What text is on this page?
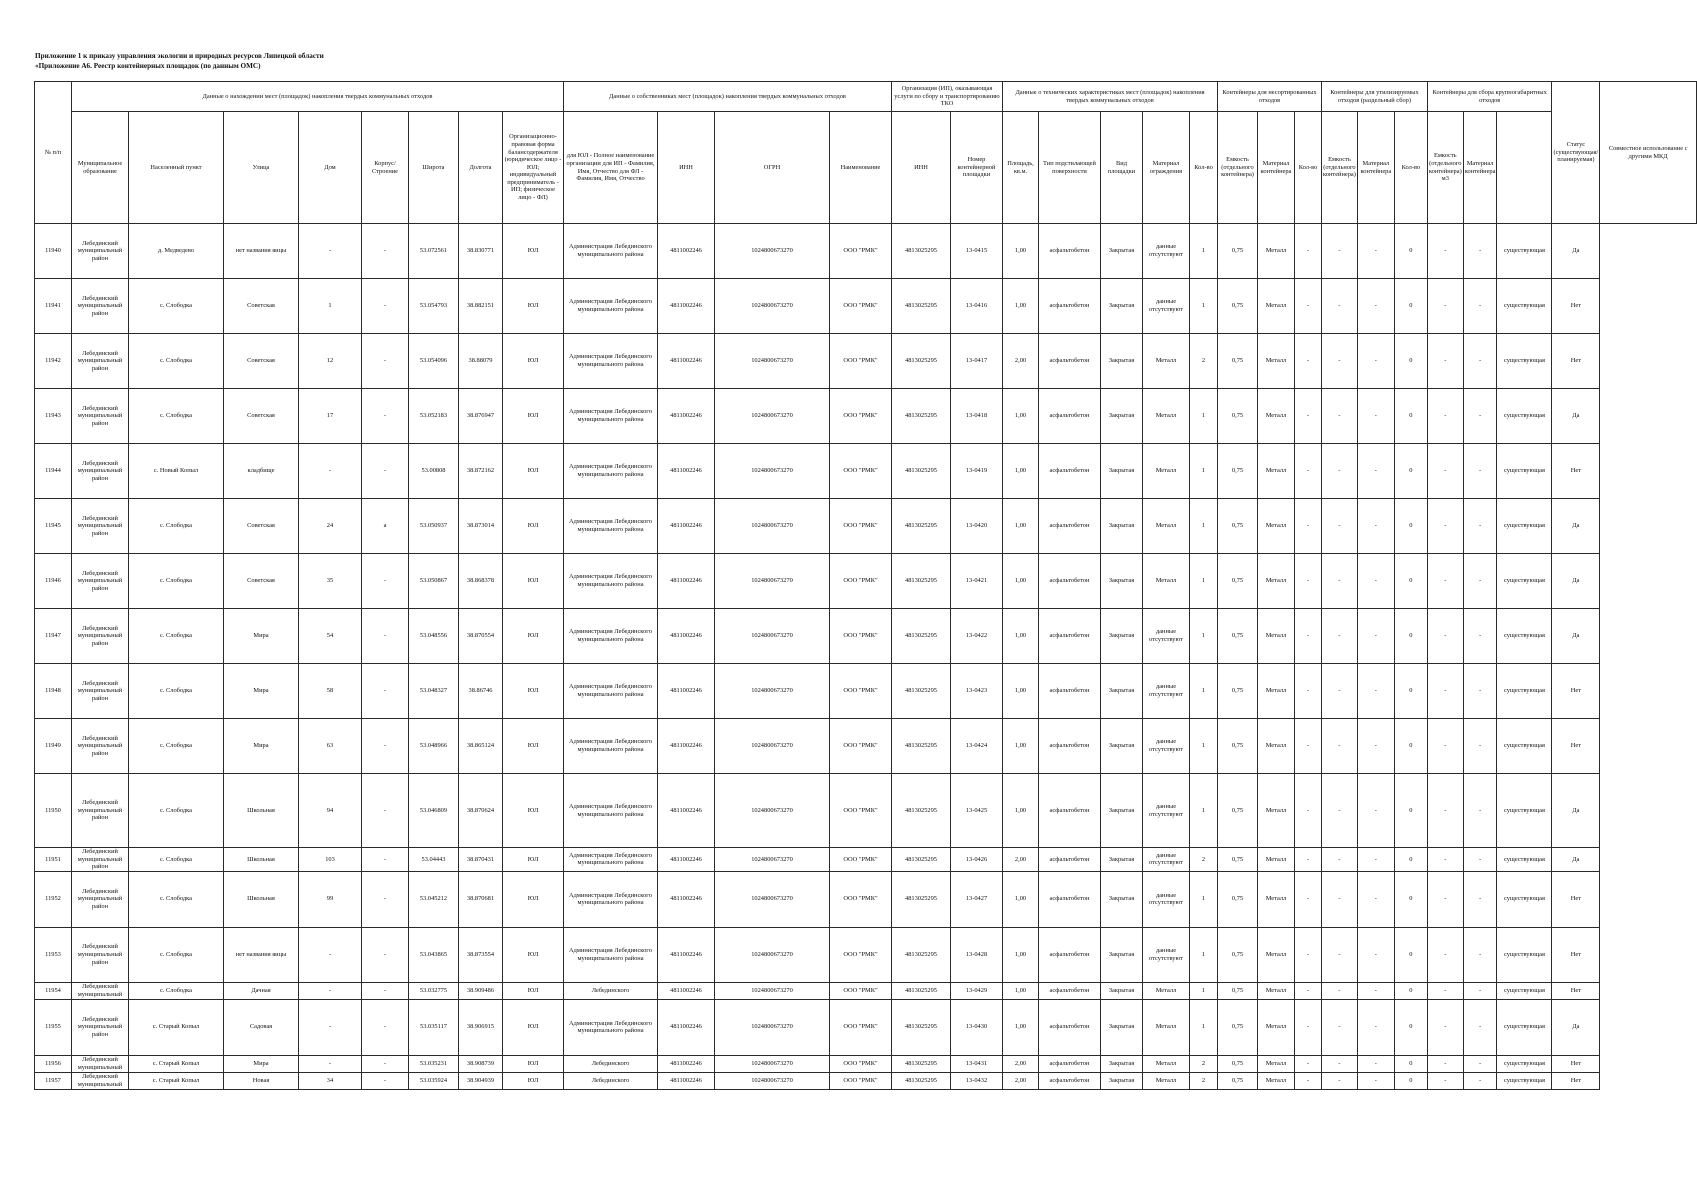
Приложение 1 к приказу управления экологии и природных ресурсов Липецкой области
«Приложение А6. Реестр контейнерных площадок (по данным ОМС)
№ п/п	Данные о нахождении мест (площадок) накопления твердых коммунальных отходов								Данные о собственниках мест (площадок) накопления твердых коммунальных отходов				Организация (ИП), оказывающая услуги по сбору и транспортированию ТКО		Данные о технических характеристиках мест (площадок) накопления твердых коммунальных отходов					Контейнеры для несортированных отходов			Контейнеры для утилизируемых отходов (раздельный сбор)			Контейнеры для сбора крупногабаритных отходов			Статус (существующая/ планируемая)	Совместное использование с другими МКД
	Муниципальное образование	Населенный пункт	Улица	Дом	Корпус/Строение	Широта	Долгота	Организационно-правовая форма балансодержателя (юридическое лицо - ЮЛ; индивидуальный предприниматель - ИП; физическое лицо - ФЛ)	для ЮЛ - Полное наименование организации для ИП - Фамилия, Имя, Отчество для ФЛ - Фамилия, Имя, Отчество	ИНН	ОГРН	Наименование	ИНН	Номер контейнерной площадки	Площадь, кв.м.	Тип подстилающей поверхности	Вид площадки	Материал ограждения	Кол-во	Емкость (отдельного контейнера)	Материал контейнера	Кол-во	Емкость (отдельного контейнера)	Материал контейнера	Кол-во	Емкость (отдельного контейнера) м3	Материал контейнера			
11940	Лебединский муниципальный район	д. Медведево	нет названия яицы	-	-	53.072561	38.830771	ЮЛ	Администрация Лебединского муниципального района	4811002246	1024800673270	ООО "РМК"	4813025295	13-0415	1,00	асфальтобетон	Закрытая	данные отсутствуют	1	0,75	Металл	-	-	-	0	-	-	существующая	Да	
11941	Лебединский муниципальный район	с. Слободка	Советская	1	-	53.054793	38.882151	ЮЛ	Администрация Лебединского муниципального района	4811002246	1024800673270	ООО "РМК"	4813025295	13-0416	1,00	асфальтобетон	Закрытая	данные отсутствуют	1	0,75	Металл	-	-	-	0	-	-	существующая	Нет	
11942	Лебединский муниципальный район	с. Слободка	Советская	12	-	53.054096	38.88079	ЮЛ	Администрация Лебединского муниципального района	4811002246	1024800673270	ООО "РМК"	4813025295	13-0417	2,00	асфальтобетон	Закрытая	Металл	2	0,75	Металл	-	-	-	0	-	-	существующая	Нет	
11943	Лебединский муниципальный район	с. Слободка	Советская	17	-	53.052183	38.876947	ЮЛ	Администрация Лебединского муниципального района	4811002246	1024800673270	ООО "РМК"	4813025295	13-0418	1,00	асфальтобетон	Закрытая	Металл	1	0,75	Металл	-	-	-	0	-	-	существующая	Да	
11944	Лебединский муниципальный район	с. Новый Копыл	кладбище	-	-	53.00808	38.872162	ЮЛ	Администрация Лебединского муниципального района	4811002246	1024800673270	ООО "РМК"	4813025295	13-0419	1,00	асфальтобетон	Закрытая	Металл	1	0,75	Металл	-	-	-	0	-	-	существующая	Нет	
11945	Лебединский муниципальный район	с. Слободка	Советская	24	а	53.050937	38.873014	ЮЛ	Администрация Лебединского муниципального района	4811002246	1024800673270	ООО "РМК"	4813025295	13-0420	1,00	асфальтобетон	Закрытая	Металл	1	0,75	Металл	-	-	-	0	-	-	существующая	Да	
11946	Лебединский муниципальный район	с. Слободка	Советская	35	-	53.050867	38.868378	ЮЛ	Администрация Лебединского муниципального района	4811002246	1024800673270	ООО "РМК"	4813025295	13-0421	1,00	асфальтобетон	Закрытая	Металл	1	0,75	Металл	-	-	-	0	-	-	существующая	Да	
11947	Лебединский муниципальный район	с. Слободка	Мира	54	-	53.048556	38.870554	ЮЛ	Администрация Лебединского муниципального района	4811002246	1024800673270	ООО "РМК"	4813025295	13-0422	1,00	асфальтобетон	Закрытая	данные отсутствуют	1	0,75	Металл	-	-	-	0	-	-	существующая	Да	
11948	Лебединский муниципальный район	с. Слободка	Мира	58	-	53.048327	38.86746	ЮЛ	Администрация Лебединского муниципального района	4811002246	1024800673270	ООО "РМК"	4813025295	13-0423	1,00	асфальтобетон	Закрытая	данные отсутствуют	1	0,75	Металл	-	-	-	0	-	-	существующая	Нет	
11949	Лебединский муниципальный район	с. Слободка	Мира	63	-	53.048966	38.865124	ЮЛ	Администрация Лебединского муниципального района	4811002246	1024800673270	ООО "РМК"	4813025295	13-0424	1,00	асфальтобетон	Закрытая	данные отсутствуют	1	0,75	Металл	-	-	-	0	-	-	существующая	Нет	
11950	Лебединский муниципальный район	с. Слободка	Школьная	94	-	53.046809	38.870624	ЮЛ	Администрация Лебединского муниципального района	4811002246	1024800673270	ООО "РМК"	4813025295	13-0425	1,00	асфальтобетон	Закрытая	данные отсутствуют	1	0,75	Металл	-	-	-	0	-	-	существующая	Да	
11951	Лебединский муниципальный район	с. Слободка	Школьная	103	-	53.04443	38.870431	ЮЛ	Администрация Лебединского муниципального района	4811002246	1024800673270	ООО "РМК"	4813025295	13-0426	2,00	асфальтобетон	Закрытая	данные отсутствуют	2	0,75	Металл	-	-	-	0	-	-	существующая	Да	
11952	Лебединский муниципальный район	с. Слободка	Школьная	99	-	53.045212	38.870681	ЮЛ	Администрация Лебединского муниципального района	4811002246	1024800673270	ООО "РМК"	4813025295	13-0427	1,00	асфальтобетон	Закрытая	данные отсутствуют	1	0,75	Металл	-	-	-	0	-	-	существующая	Нет	
11953	Лебединский муниципальный район	с. Слободка	нет названия яицы	-	-	53.043865	38.873554	ЮЛ	Администрация Лебединского муниципального района	4811002246	1024800673270	ООО "РМК"	4813025295	13-0428	1,00	асфальтобетон	Закрытая	данные отсутствуют	1	0,75	Металл	-	-	-	0	-	-	существующая	Нет	
11954	Лебединский муниципальный	с. Слободка	Дачная	-	-	53.032775	38.909486	ЮЛ	Лебединского	4811002246	1024800673270	ООО "РМК"	4813025295	13-0429	1,00	асфальтобетон	Закрытая	Металл	1	0,75	Металл	-	-	-	0	-	-	существующая	Нет	
11955	Лебединский муниципальный район	с. Старый Копыл	Садовая	-	-	53.035117	38.906915	ЮЛ	Администрация Лебединского муниципального района	4811002246	1024800673270	ООО "РМК"	4813025295	13-0430	1,00	асфальтобетон	Закрытая	Металл	1	0,75	Металл	-	-	-	0	-	-	существующая	Да	
11956	Лебединский муниципальный	с. Старый Копыл	Мира	-	-	53.035231	38.908739	ЮЛ	Лебединского	4811002246	1024800673270	ООО "РМК"	4813025295	13-0431	2,00	асфальтобетон	Закрытая	Металл	2	0,75	Металл	-	-	-	0	-	-	существующая	Нет	
11957	Лебединский муниципальный	с. Старый Копыл	Новая	34	-	53.035924	38.904939	ЮЛ	Лебединского	4811002246	1024800673270	ООО "РМК"	4813025295	13-0432	2,00	асфальтобетон	Закрытая	Металл	2	0,75	Металл	-	-	-	0	-	-	существующая	Нет	
